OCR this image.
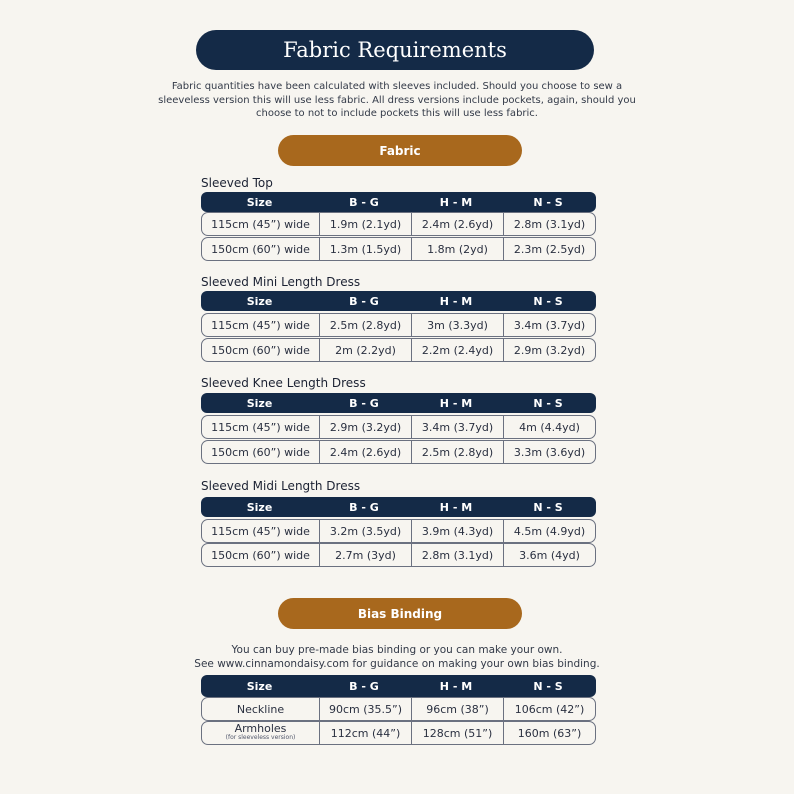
Fabric Requirements
Fabric quantities have been calculated with sleeves included. Should you choose to sew a sleeveless version this will use less fabric. All dress versions include pockets, again, should you choose to not to include pockets this will use less fabric.
Fabric
Sleeved Top
Size	B - G	H - M	N - S
115cm (45”) wide	1.9m (2.1yd)	2.4m (2.6yd)	2.8m (3.1yd)
150cm (60”) wide	1.3m (1.5yd)	1.8m (2yd)	2.3m (2.5yd)
Sleeved Mini Length Dress
Size	B - G	H - M	N - S
115cm (45”) wide	2.5m (2.8yd)	3m (3.3yd)	3.4m (3.7yd)
150cm (60”) wide	2m (2.2yd)	2.2m (2.4yd)	2.9m (3.2yd)
Sleeved Knee Length Dress
Size	B - G	H - M	N - S
115cm (45”) wide	2.9m (3.2yd)	3.4m (3.7yd)	4m (4.4yd)
150cm (60”) wide	2.4m (2.6yd)	2.5m (2.8yd)	3.3m (3.6yd)
Sleeved Midi Length Dress
Size	B - G	H - M	N - S
115cm (45”) wide	3.2m (3.5yd)	3.9m (4.3yd)	4.5m (4.9yd)
150cm (60”) wide	2.7m (3yd)	2.8m (3.1yd)	3.6m (4yd)
Bias Binding
You can buy pre-made bias binding or you can make your own.
See www.cinnamondaisy.com for guidance on making your own bias binding.
Size	B - G	H - M	N - S
Neckline	90cm (35.5”)	96cm (38”)	106cm (42”)
Armholes
(for sleeveless version)	112cm (44”)	128cm (51”)	160m (63”)
